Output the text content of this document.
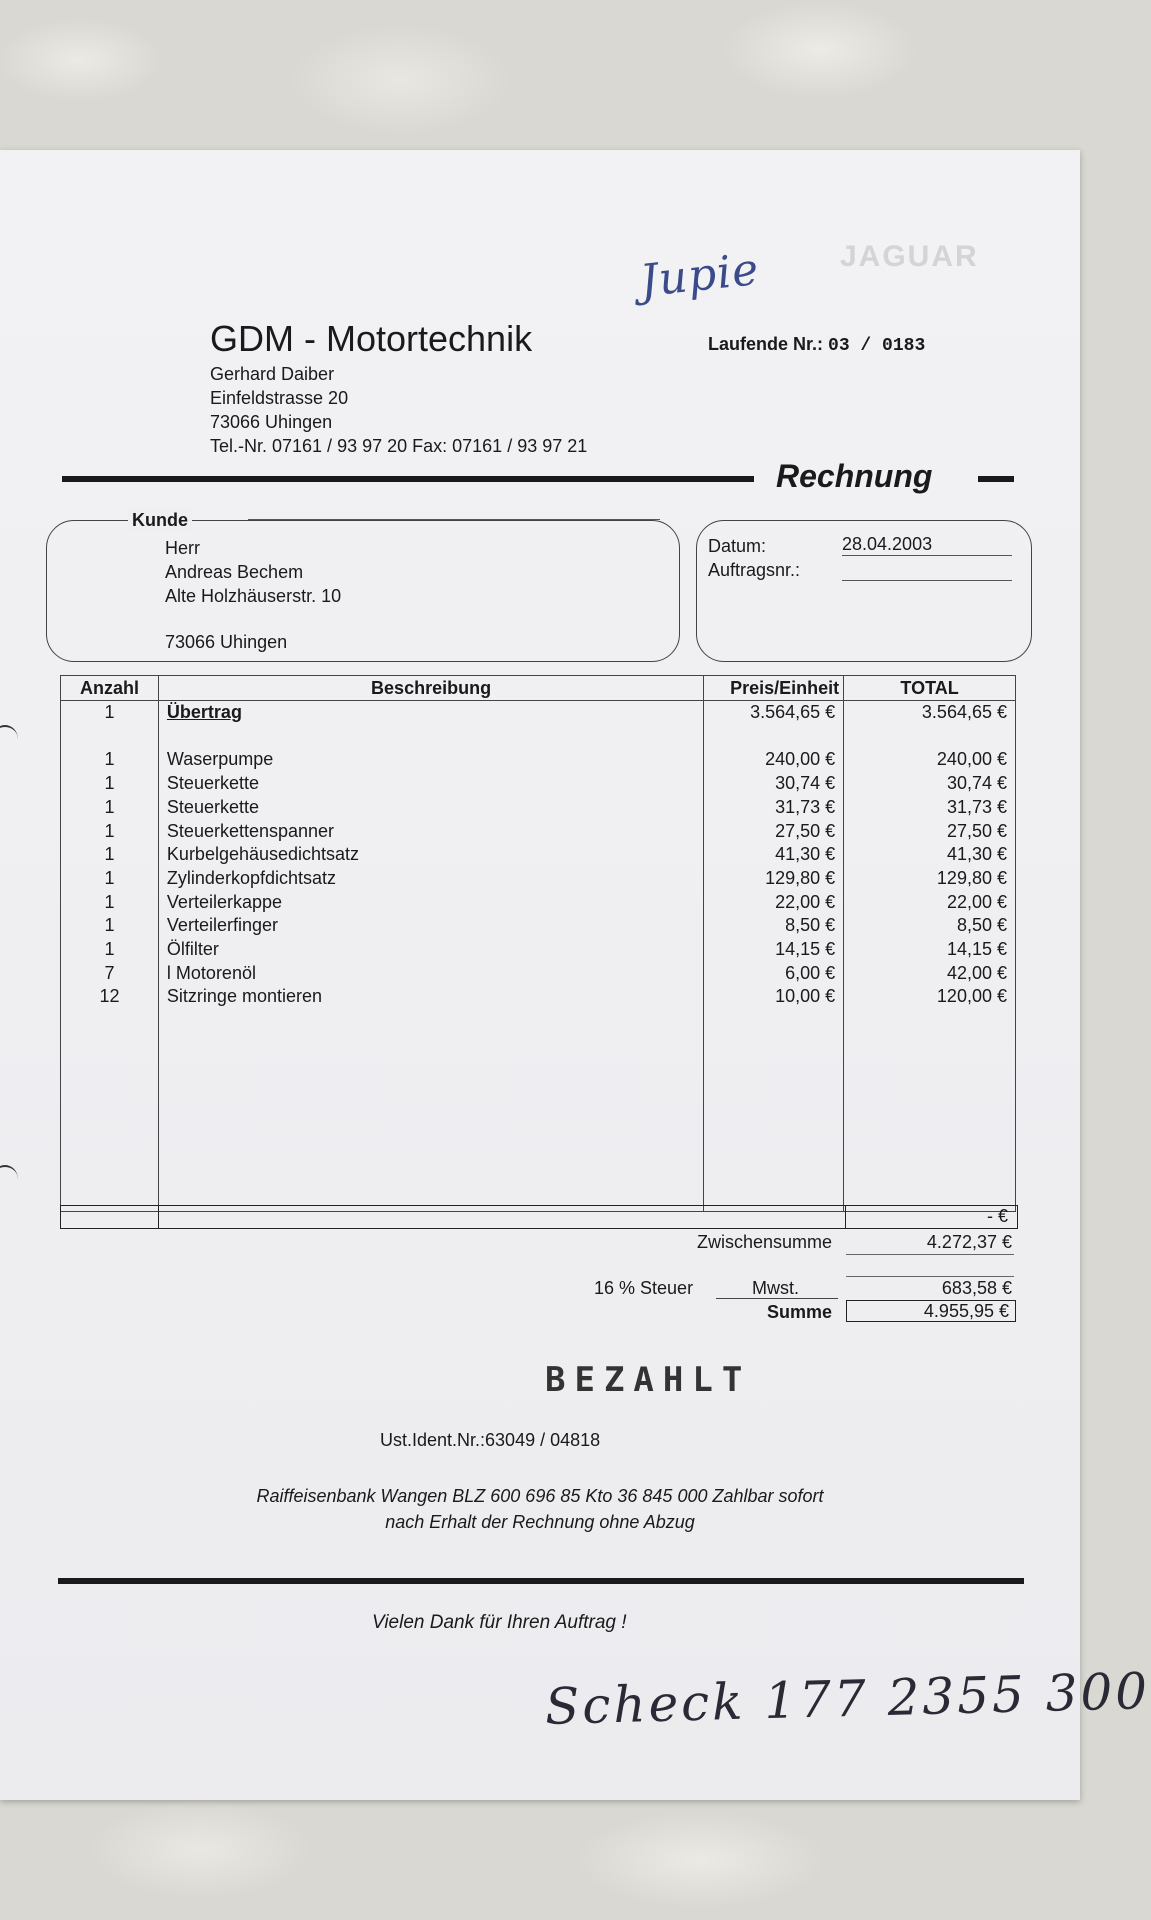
JAGUAR
Jupie
GDM - Motortechnik
Gerhard Daiber
Einfeldstrasse 20
73066 Uhingen
Tel.-Nr. 07161 / 93 97 20 Fax: 07161 / 93 97 21
Laufende Nr.: 03 / 0183
Rechnung
Kunde
Herr
Andreas Bechem
Alte Holzhäuserstr. 10
73066 Uhingen
Datum:	28.04.2003
Auftragsnr.:
Anzahl	Beschreibung	Preis/Einheit	TOTAL
1	Übertrag	3.564,65 €	3.564,65 €

1	Waserpumpe	240,00 €	240,00 €
1	Steuerkette	30,74 €	30,74 €
1	Steuerkette	31,73 €	31,73 €
1	Steuerkettenspanner	27,50 €	27,50 €
1	Kurbelgehäusedichtsatz	41,30 €	41,30 €
1	Zylinderkopfdichtsatz	129,80 €	129,80 €
1	Verteilerkappe	22,00 €	22,00 €
1	Verteilerfinger	8,50 €	8,50 €
1	Ölfilter	14,15 €	14,15 €
7	l Motorenöl	6,00 €	42,00 €
12	Sitzringe montieren	10,00 €	120,00 €

- €
Zwischensumme	4.272,37 €
16 % Steuer	Mwst.	683,58 €
Summe	4.955,95 €
BEZAHLT
Ust.Ident.Nr.:63049 / 04818
Raiffeisenbank Wangen BLZ 600 696 85 Kto 36 845 000 Zahlbar sofort
nach Erhalt der Rechnung ohne Abzug
Vielen Dank für Ihren Auftrag !
Scheck 177 2355 300
